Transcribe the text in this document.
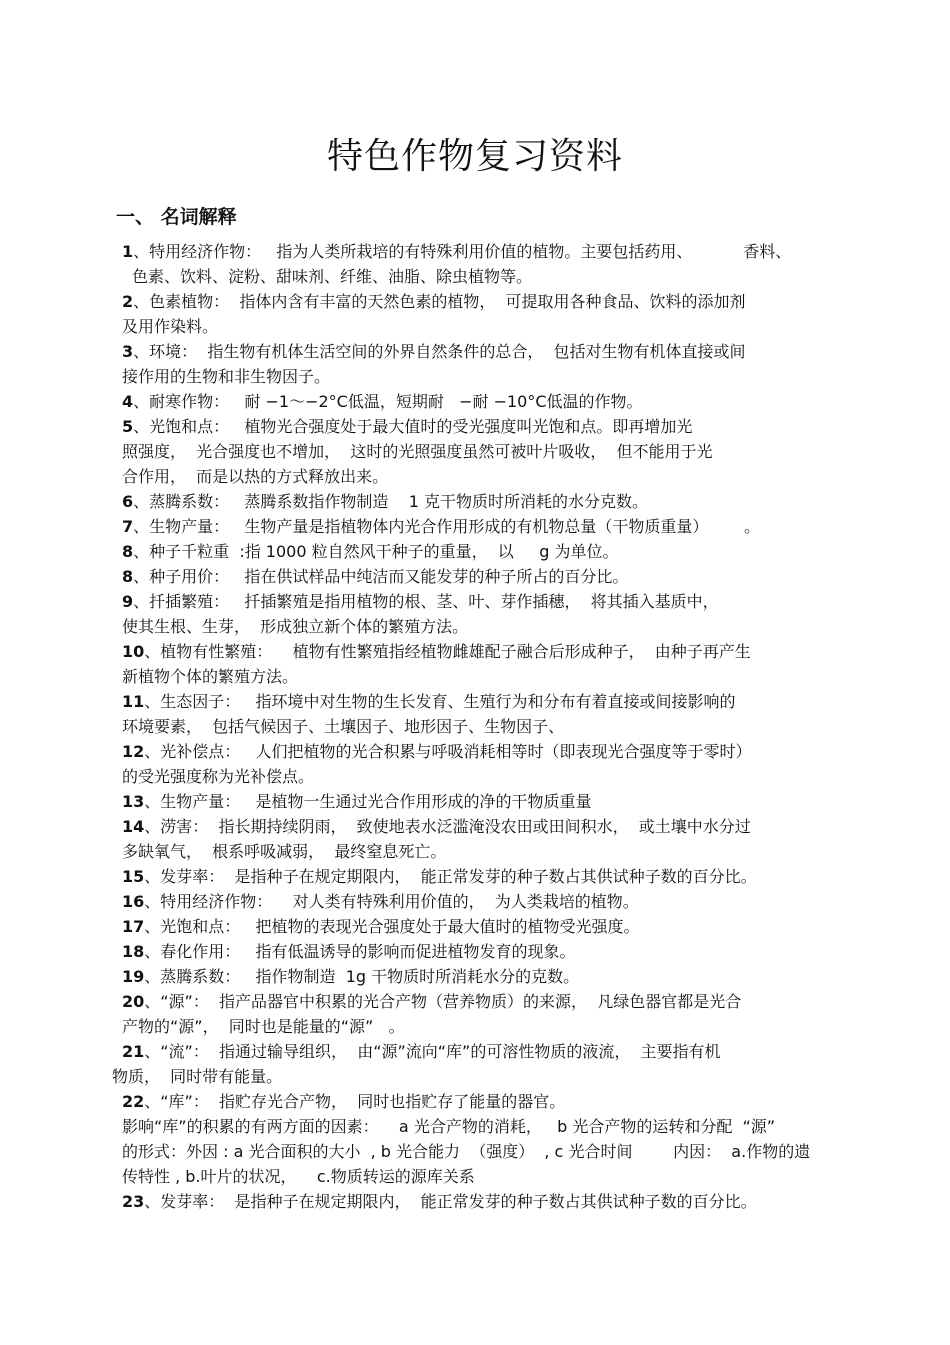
特色作物复习资料
一、 名词解释
1、特用经济作物：   指为人类所栽培的有特殊利用价值的植物。主要包括药用、          香料、
色素、饮料、淀粉、甜味剂、纤维、油脂、除虫植物等。
2、色素植物：  指体内含有丰富的天然色素的植物，  可提取用各种食品、饮料的添加剂
及用作染料。
3、环境：  指生物有机体生活空间的外界自然条件的总合，  包括对生物有机体直接或间
接作用的生物和非生物因子。
4、耐寒作物：   耐 −1～−2°C低温，短期耐   −耐 −10°C低温的作物。
5、光饱和点：   植物光合强度处于最大值时的受光强度叫光饱和点。即再增加光
照强度，  光合强度也不增加，  这时的光照强度虽然可被叶片吸收，  但不能用于光
合作用，  而是以热的方式释放出来。
6、蒸腾系数：   蒸腾系数指作物制造    1 克干物质时所消耗的水分克数。
7、生物产量：   生物产量是指植物体内光合作用形成的有机物总量（干物质重量）       。
8、种子千粒重  :指 1000 粒自然风干种子的重量，  以     g 为单位。
8、种子用价：   指在供试样品中纯洁而又能发芽的种子所占的百分比。
9、扦插繁殖：   扦插繁殖是指用植物的根、茎、叶、芽作插穗，  将其插入基质中，
使其生根、生芽，  形成独立新个体的繁殖方法。
10、植物有性繁殖：    植物有性繁殖指经植物雌雄配子融合后形成种子，  由种子再产生
新植物个体的繁殖方法。
11、生态因子：   指环境中对生物的生长发育、生殖行为和分布有着直接或间接影响的
环境要素，  包括气候因子、土壤因子、地形因子、生物因子、
12、光补偿点：   人们把植物的光合积累与呼吸消耗相等时（即表现光合强度等于零时）
的受光强度称为光补偿点。
13、生物产量：   是植物一生通过光合作用形成的净的干物质重量
14、涝害：  指长期持续阴雨，  致使地表水泛滥淹没农田或田间积水，  或土壤中水分过
多缺氧气，  根系呼吸减弱，  最终窒息死亡。
15、发芽率：  是指种子在规定期限内，  能正常发芽的种子数占其供试种子数的百分比。
16、特用经济作物：    对人类有特殊利用价值的，  为人类栽培的植物。
17、光饱和点：   把植物的表现光合强度处于最大值时的植物受光强度。
18、春化作用：   指有低温诱导的影响而促进植物发育的现象。
19、蒸腾系数：   指作物制造  1g 干物质时所消耗水分的克数。
20、“源”：  指产品器官中积累的光合产物（营养物质）的来源，  凡绿色器官都是光合
产物的“源”，  同时也是能量的“源”   。
21、“流”：  指通过输导组织，  由“源”流向“库”的可溶性物质的液流，  主要指有机
物质，  同时带有能量。
22、“库”：  指贮存光合产物，  同时也指贮存了能量的器官。
影响“库”的积累的有两方面的因素：    a 光合产物的消耗，   b 光合产物的运转和分配  “源”
的形式：外因 : a 光合面积的大小  , b 光合能力  （强度）  , c 光合时间        内因：  a.作物的遗
传特性 , b.叶片的状况，    c.物质转运的源库关系
23、发芽率：  是指种子在规定期限内，  能正常发芽的种子数占其供试种子数的百分比。
